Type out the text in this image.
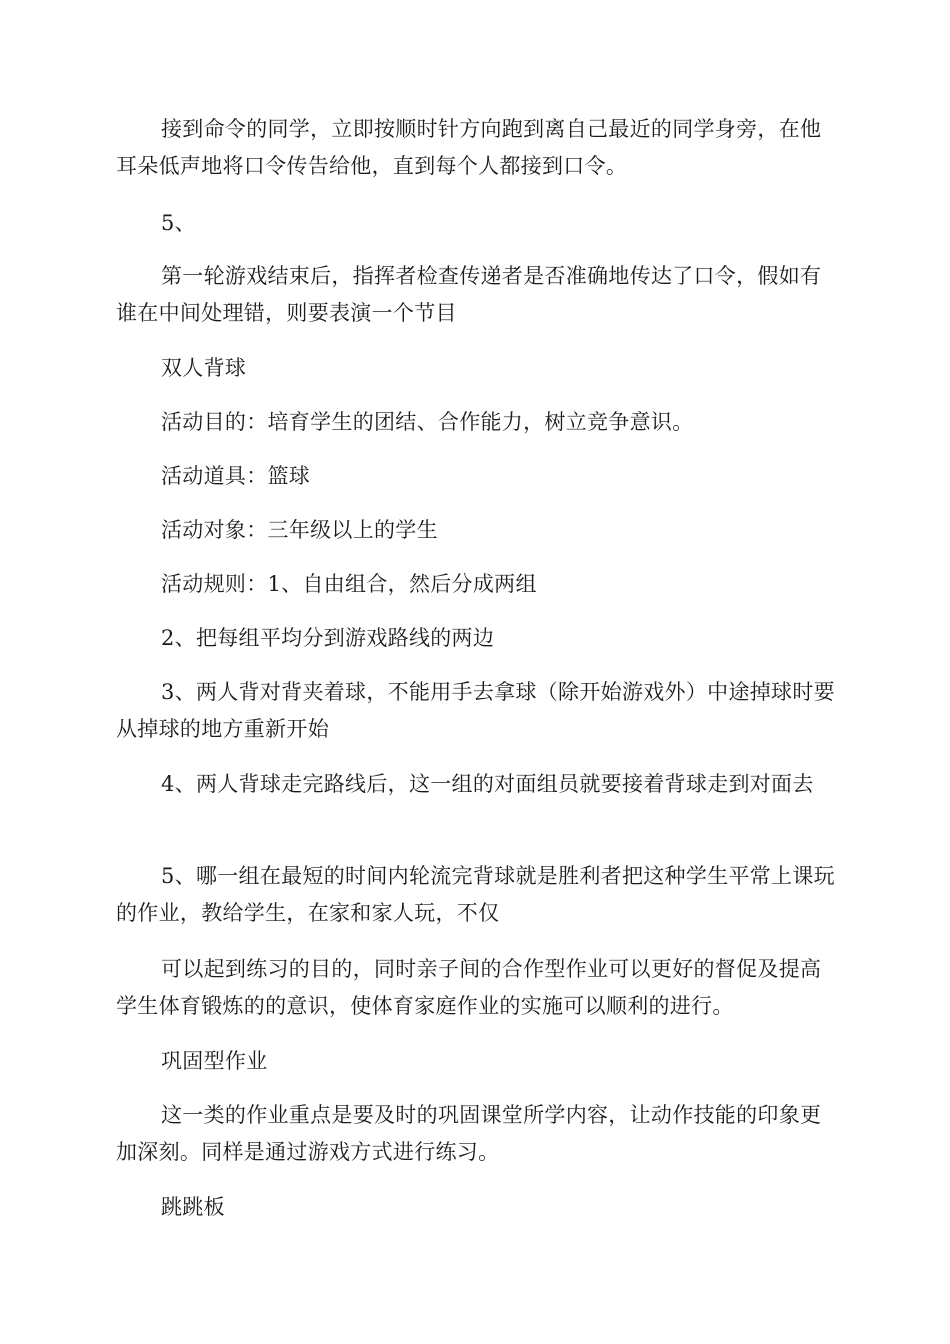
接到命令的同学，立即按顺时针方向跑到离自己最近的同学身旁，在他耳朵低声地将口令传告给他，直到每个人都接到口令。

5、

第一轮游戏结束后，指挥者检查传递者是否准确地传达了口令，假如有谁在中间处理错，则要表演一个节目

双人背球

活动目的：培育学生的团结、合作能力，树立竞争意识。

活动道具：篮球

活动对象：三年级以上的学生

活动规则：1、自由组合，然后分成两组

2、把每组平均分到游戏路线的两边

3、两人背对背夹着球，不能用手去拿球（除开始游戏外）中途掉球时要从掉球的地方重新开始

4、两人背球走完路线后，这一组的对面组员就要接着背球走到对面去

5、哪一组在最短的时间内轮流完背球就是胜利者把这种学生平常上课玩的作业，教给学生，在家和家人玩，不仅

可以起到练习的目的，同时亲子间的合作型作业可以更好的督促及提高学生体育锻炼的的意识，使体育家庭作业的实施可以顺利的进行。

巩固型作业

这一类的作业重点是要及时的巩固课堂所学内容，让动作技能的印象更加深刻。同样是通过游戏方式进行练习。

跳跳板
